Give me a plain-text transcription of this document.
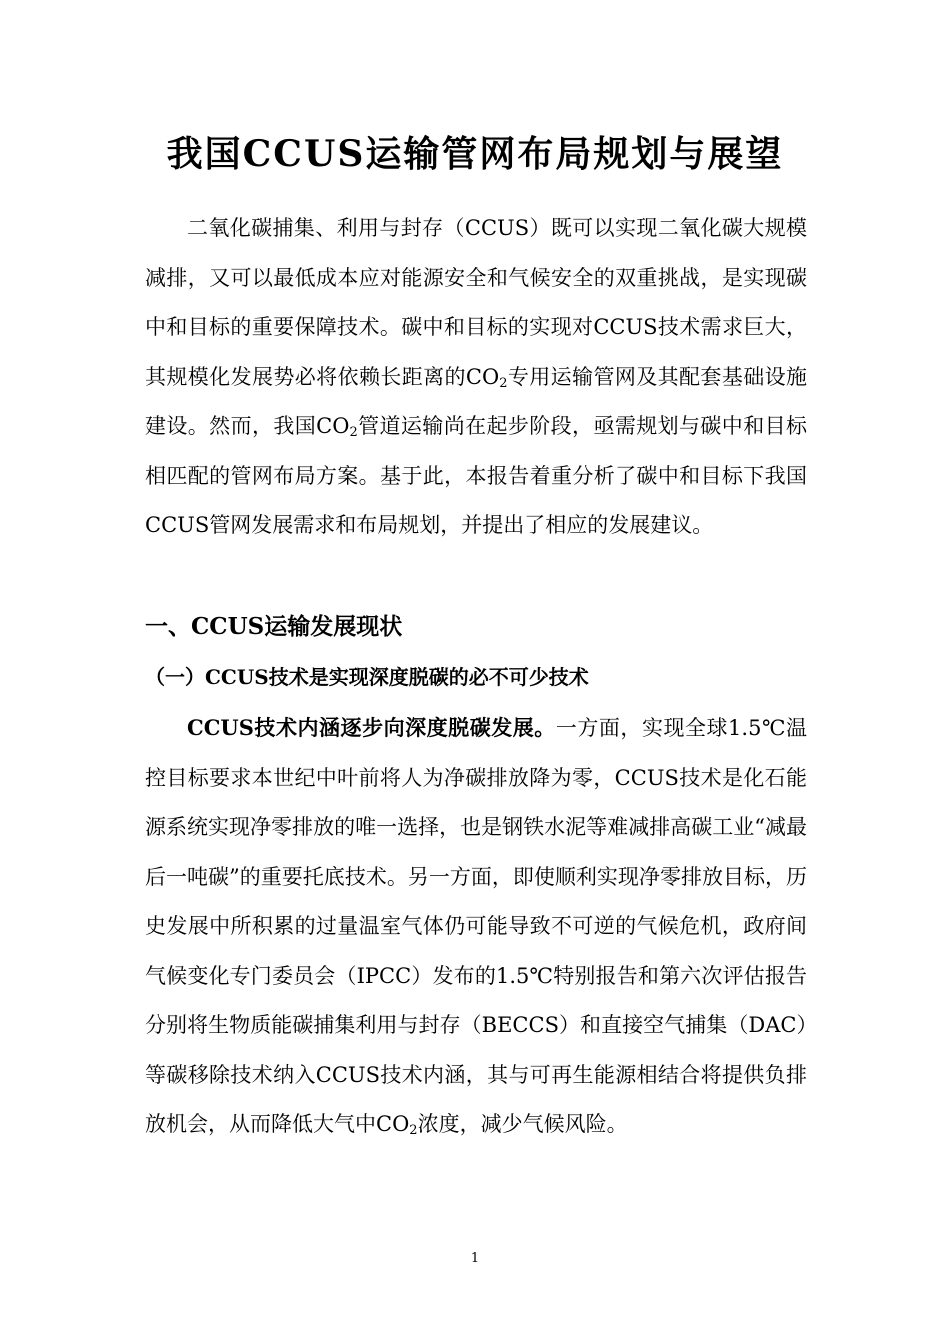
我国CCUS运输管网布局规划与展望

二氧化碳捕集、利用与封存（CCUS）既可以实现二氧化碳大规模减排，又可以最低成本应对能源安全和气候安全的双重挑战，是实现碳中和目标的重要保障技术。碳中和目标的实现对CCUS技术需求巨大，其规模化发展势必将依赖长距离的$CO_2$专用运输管网及其配套基础设施建设。然而，我国$CO_2$管道运输尚在起步阶段，亟需规划与碳中和目标相匹配的管网布局方案。基于此，本报告着重分析了碳中和目标下我国CCUS管网发展需求和布局规划，并提出了相应的发展建议。

一、CCUS运输发展现状
（一）CCUS技术是实现深度脱碳的必不可少技术

CCUS技术内涵逐步向深度脱碳发展。一方面，实现全球1.5℃温控目标要求本世纪中叶前将人为净碳排放降为零，CCUS技术是化石能源系统实现净零排放的唯一选择，也是钢铁水泥等难减排高碳工业“减最后一吨碳”的重要托底技术。另一方面，即使顺利实现净零排放目标，历史发展中所积累的过量温室气体仍可能导致不可逆的气候危机，政府间气候变化专门委员会（IPCC）发布的1.5℃特别报告和第六次评估报告分别将生物质能碳捕集利用与封存（BECCS）和直接空气捕集（DAC）等碳移除技术纳入CCUS技术内涵，其与可再生能源相结合将提供负排放机会，从而降低大气中$CO_2$浓度，减少气候风险。

1
